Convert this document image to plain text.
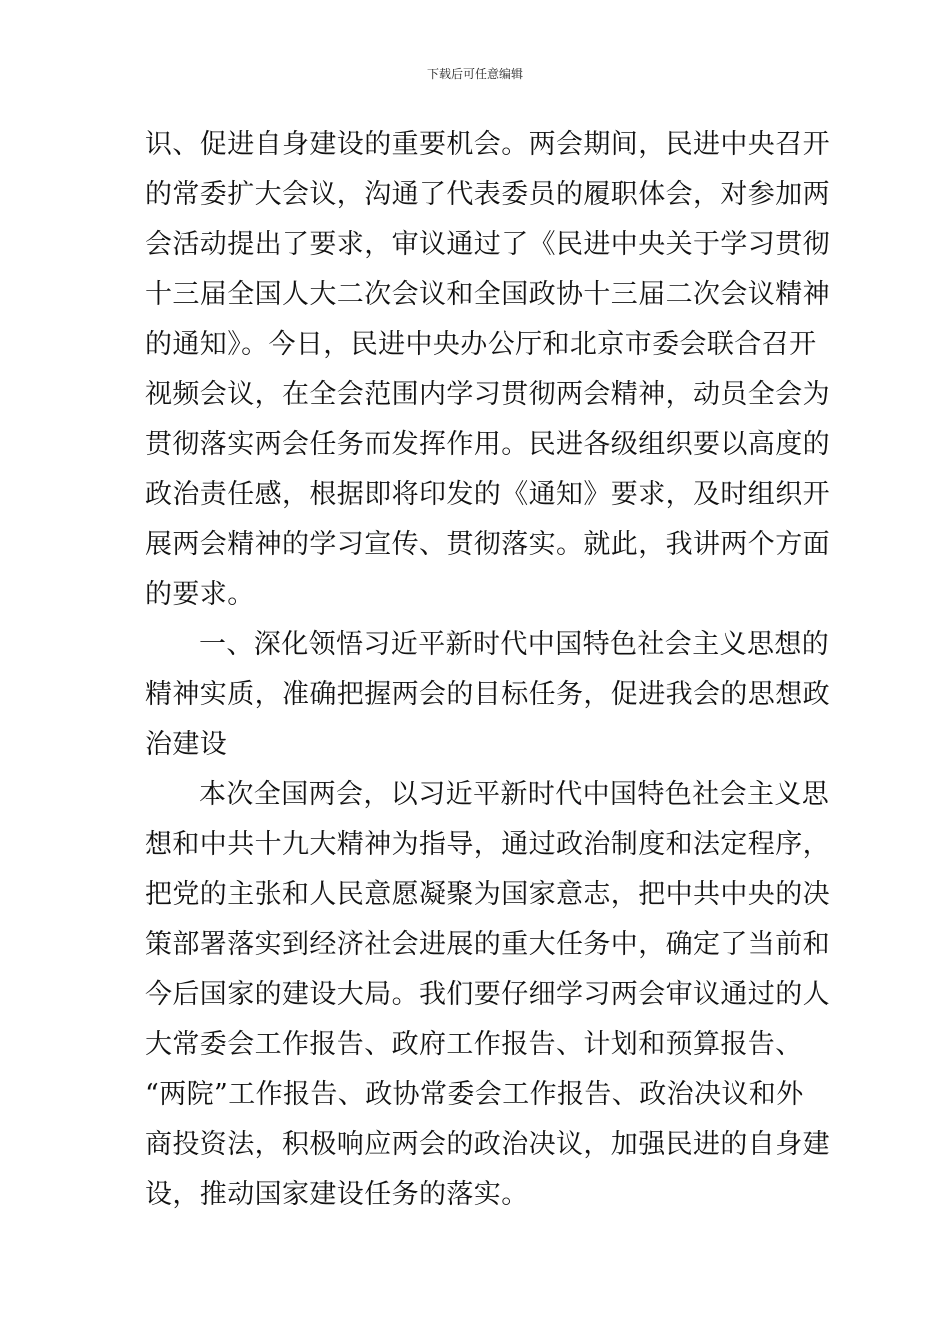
下载后可任意编辑
识、促进自身建设的重要机会。两会期间，民进中央召开
的常委扩大会议，沟通了代表委员的履职体会，对参加两
会活动提出了要求，审议通过了《民进中央关于学习贯彻
十三届全国人大二次会议和全国政协十三届二次会议精神
的通知》。今日，民进中央办公厅和北京市委会联合召开
视频会议，在全会范围内学习贯彻两会精神，动员全会为
贯彻落实两会任务而发挥作用。民进各级组织要以高度的
政治责任感，根据即将印发的《通知》要求，及时组织开
展两会精神的学习宣传、贯彻落实。就此，我讲两个方面
的要求。
一、深化领悟习近平新时代中国特色社会主义思想的
精神实质，准确把握两会的目标任务，促进我会的思想政
治建设
本次全国两会，以习近平新时代中国特色社会主义思
想和中共十九大精神为指导，通过政治制度和法定程序，
把党的主张和人民意愿凝聚为国家意志，把中共中央的决
策部署落实到经济社会进展的重大任务中，确定了当前和
今后国家的建设大局。我们要仔细学习两会审议通过的人
大常委会工作报告、政府工作报告、计划和预算报告、
“两院”工作报告、政协常委会工作报告、政治决议和外
商投资法，积极响应两会的政治决议，加强民进的自身建
设，推动国家建设任务的落实。
